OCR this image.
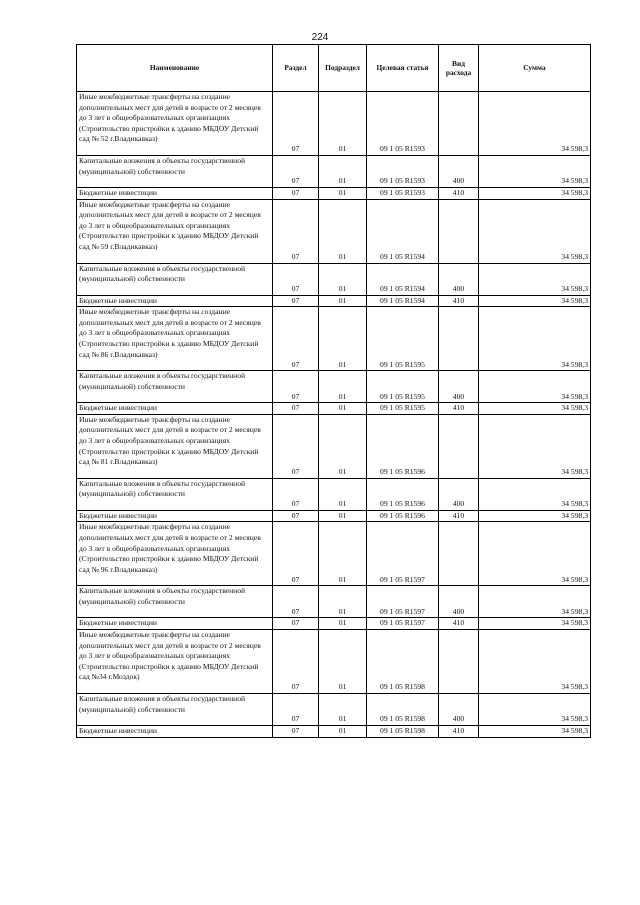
224
Наименование	Раздел	Подраздел	Целевая статья	Вид расхода	Сумма
Иные межбюджетные трансферты на создание дополнительных мест для детей в возрасте от 2 месяцев до 3 лет в общеобразовательных организациях (Строительство пристройки к зданию МБДОУ Детский сад № 52 г.Владикавказ)	07	01	09 1 05 R1593		34 598,3
Капитальные вложения в объекты государственной (муниципальной) собственности	07	01	09 1 05 R1593	400	34 598,3
Бюджетные инвестиции	07	01	09 1 05 R1593	410	34 598,3
Иные межбюджетные трансферты на создание дополнительных мест для детей в возрасте от 2 месяцев до 3 лет в общеобразовательных организациях (Строительство пристройки к зданию МБДОУ Детский сад № 59 г.Владикавказ)	07	01	09 1 05 R1594		34 598,3
Капитальные вложения в объекты государственной (муниципальной) собственности	07	01	09 1 05 R1594	400	34 598,3
Бюджетные инвестиции	07	01	09 1 05 R1594	410	34 598,3
Иные межбюджетные трансферты на создание дополнительных мест для детей в возрасте от 2 месяцев до 3 лет в общеобразовательных организациях (Строительство пристройки к зданию МБДОУ Детский сад № 86 г.Владикавказ)	07	01	09 1 05 R1595		34 598,3
Капитальные вложения в объекты государственной (муниципальной) собственности	07	01	09 1 05 R1595	400	34 598,3
Бюджетные инвестиции	07	01	09 1 05 R1595	410	34 598,3
Иные межбюджетные трансферты на создание дополнительных мест для детей в возрасте от 2 месяцев до 3 лет в общеобразовательных организациях (Строительство пристройки к зданию МБДОУ Детский сад № 81 г.Владикавказ)	07	01	09 1 05 R1596		34 598,3
Капитальные вложения в объекты государственной (муниципальной) собственности	07	01	09 1 05 R1596	400	34 598,3
Бюджетные инвестиции	07	01	09 1 05 R1596	410	34 598,3
Иные межбюджетные трансферты на создание дополнительных мест для детей в возрасте от 2 месяцев до 3 лет в общеобразовательных организациях (Строительство пристройки к зданию МБДОУ Детский сад № 96 г.Владикавказ)	07	01	09 1 05 R1597		34 598,3
Капитальные вложения в объекты государственной (муниципальной) собственности	07	01	09 1 05 R1597	400	34 598,3
Бюджетные инвестиции	07	01	09 1 05 R1597	410	34 598,3
Иные межбюджетные трансферты на создание дополнительных мест для детей в возрасте от 2 месяцев до 3 лет в общеобразовательных организациях (Строительство пристройки к зданию МБДОУ Детский сад №34 г.Моздок)	07	01	09 1 05 R1598		34 598,3
Капитальные вложения в объекты государственной (муниципальной) собственности	07	01	09 1 05 R1598	400	34 598,3
Бюджетные инвестиции	07	01	09 1 05 R1598	410	34 598,3
